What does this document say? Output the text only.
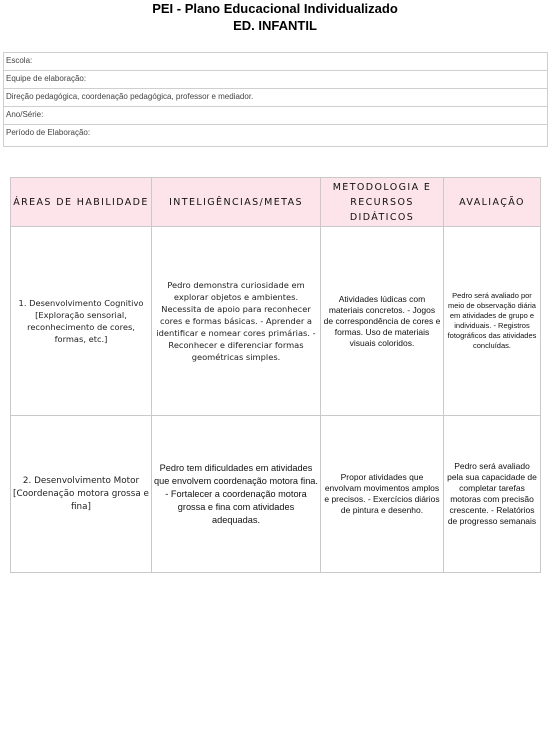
PEI - Plano Educacional Individualizado
ED. INFANTIL
Escola:
Equipe de elaboração:
Direção pedagógica, coordenação pedagógica, professor e mediador.
Ano/Série:
Período de Elaboração:
ÁREAS DE HABILIDADE	INTELIGÊNCIAS/METAS	METODOLOGIA E RECURSOS DIDÁTICOS	AVALIAÇÃO
1. Desenvolvimento Cognitivo [Exploração sensorial, reconhecimento de cores, formas, etc.]	Pedro demonstra curiosidade em explorar objetos e ambientes. Necessita de apoio para reconhecer cores e formas básicas. - Aprender a identificar e nomear cores primárias. - Reconhecer e diferenciar formas geométricas simples.	Atividades lúdicas com materiais concretos. - Jogos de correspondência de cores e formas. Uso de materiais visuais coloridos.	Pedro será avaliado por meio de observação diária em atividades de grupo e individuais. - Registros fotográficos das atividades concluídas.
2. Desenvolvimento Motor [Coordenação motora grossa e fina]	Pedro tem dificuldades em atividades que envolvem coordenação motora fina. - Fortalecer a coordenação motora grossa e fina com atividades adequadas.	Propor atividades que envolvam movimentos amplos e precisos. - Exercícios diários de pintura e desenho.	Pedro será avaliado pela sua capacidade de completar tarefas motoras com precisão crescente. - Relatórios de progresso semanais
